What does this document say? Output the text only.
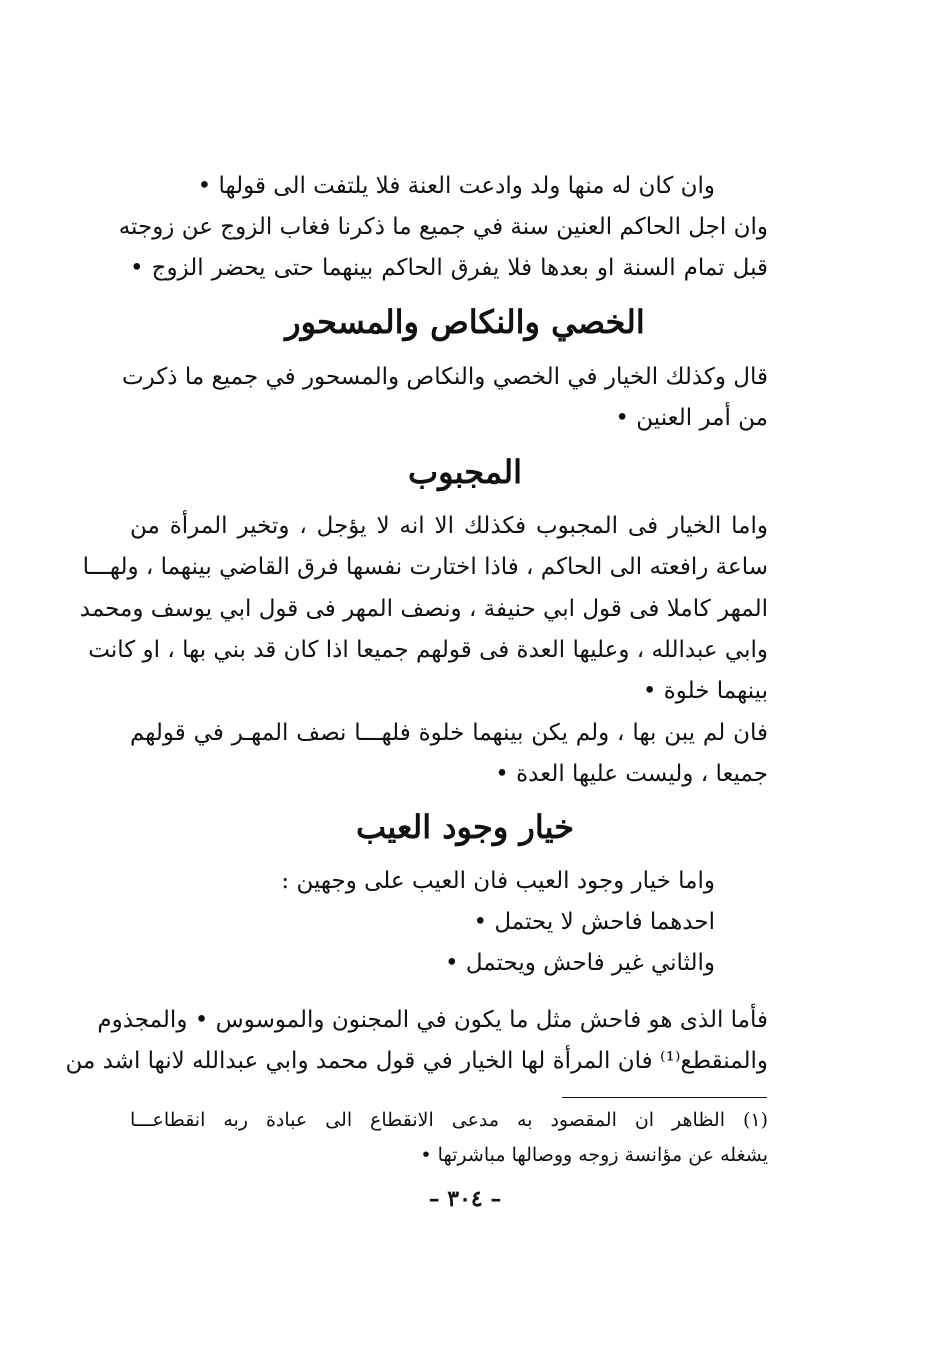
وان كان له منها ولد وادعت العنة فلا يلتفت الى قولها •
وان اجل الحاكم العنين سنة في جميع ما ذكرنا فغاب الزوج عن زوجته
قبل تمام السنة او بعدها فلا يفرق الحاكم بينهما حتى يحضر الزوج •
الخصي والنكاص والمسحور
قال وكذلك الخيار في الخصي والنكاص والمسحور في جميع ما ذكرت
من أمر العنين •
المجبوب
واما الخيار فى المجبوب فكذلك الا انه لا يؤجل ، وتخير المرأة من
ساعة رافعته الى الحاكم ، فاذا اختارت نفسها فرق القاضي بينهما ، ولهـــا
المهر كاملا فى قول ابي حنيفة ، ونصف المهر فى قول ابي يوسف ومحمد
وابي عبدالله ، وعليها العدة فى قولهم جميعا اذا كان قد بني بها ، او كانت
بينهما خلوة •
فان لم يبن بها ، ولم يكن بينهما خلوة فلهـــا نصف المهـر في قولهم
جميعا ، وليست عليها العدة •
خيار وجود العيب
واما خيار وجود العيب فان العيب على وجهين :
احدهما فاحش لا يحتمل •
والثاني غير فاحش ويحتمل •
فأما الذى هو فاحش مثل ما يكون في المجنون والموسوس • والمجذوم
والمنقطع⁽¹⁾ فان المرأة لها الخيار في قول محمد وابي عبدالله لانها اشد من
(١) الظاهر ان المقصود به مدعى الانقطاع الى عبادة ربه انقطاعـــا
يشغله عن مؤانسة زوجه ووصالها مباشرتها •
– ٣٠٤ –
